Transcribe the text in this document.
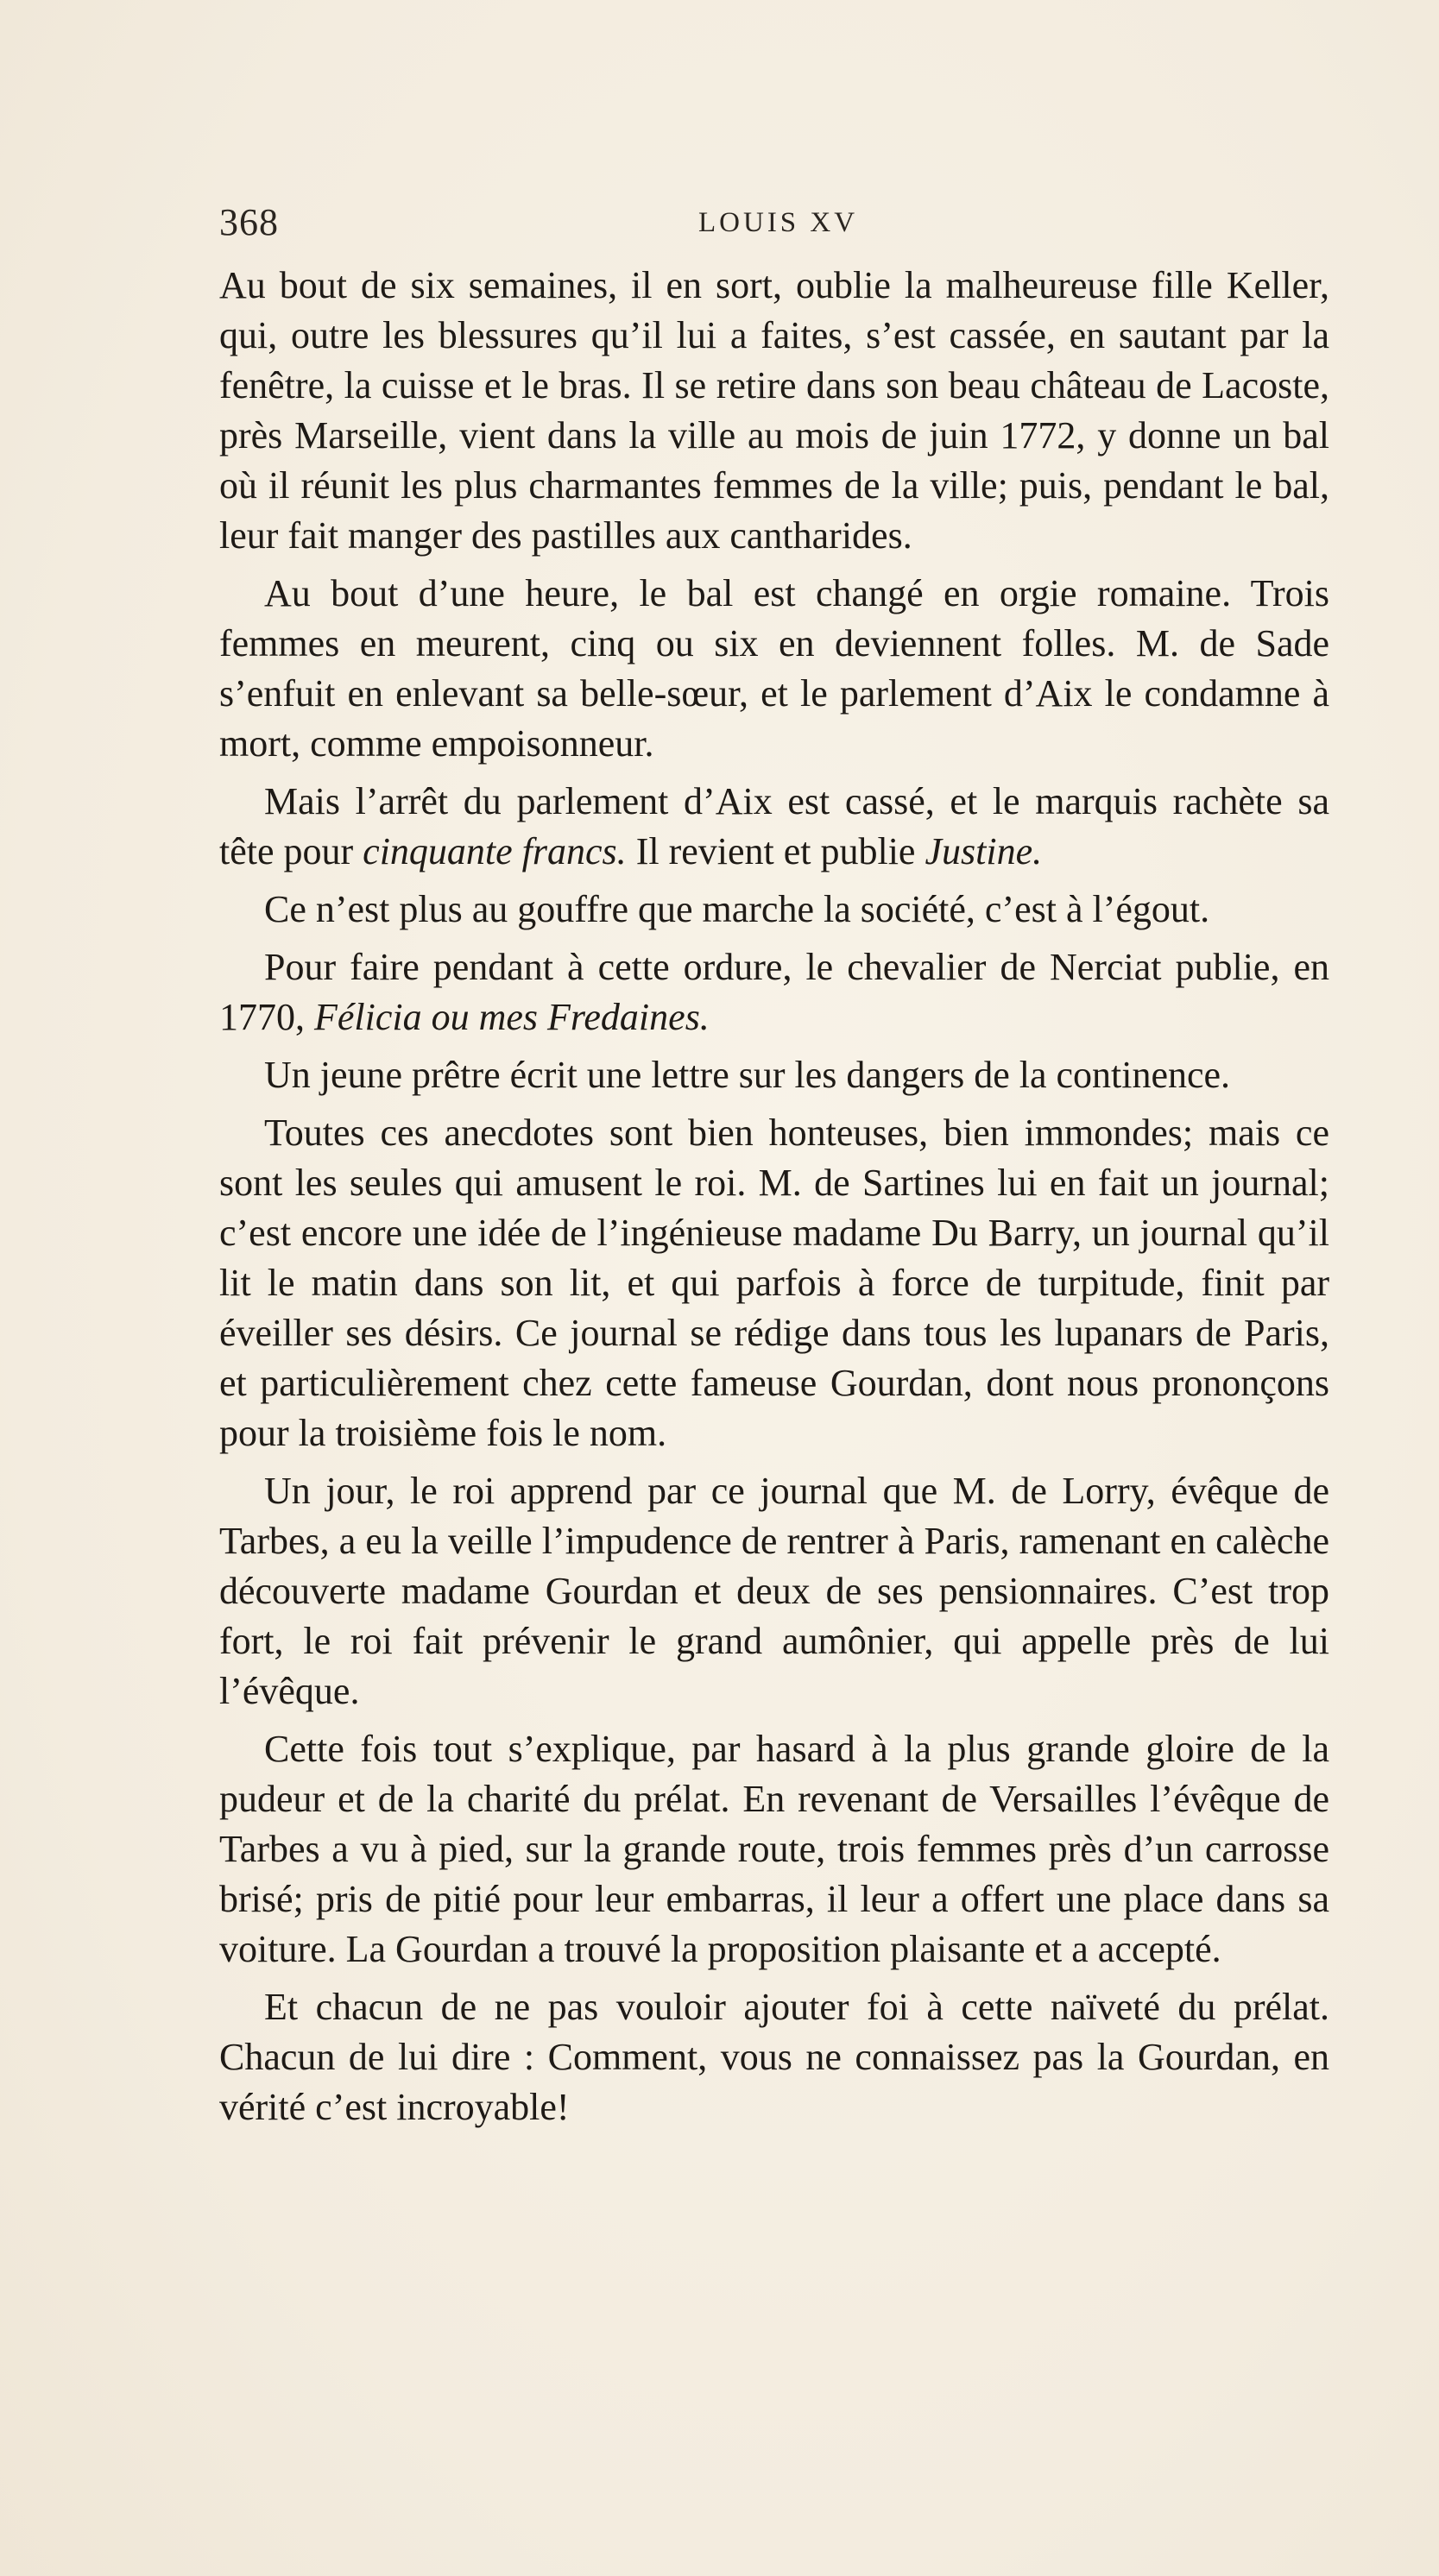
368	LOUIS XV

Au bout de six semaines, il en sort, oublie la malheureuse fille Keller, qui, outre les blessures qu’il lui a faites, s’est cassée, en sautant par la fenêtre, la cuisse et le bras. Il se retire dans son beau château de Lacoste, près Marseille, vient dans la ville au mois de juin 1772, y donne un bal où il réunit les plus charmantes femmes de la ville; puis, pendant le bal, leur fait manger des pastilles aux cantharides.

Au bout d’une heure, le bal est changé en orgie romaine. Trois femmes en meurent, cinq ou six en deviennent folles. M. de Sade s’enfuit en enlevant sa belle-sœur, et le parlement d’Aix le condamne à mort, comme empoisonneur.

Mais l’arrêt du parlement d’Aix est cassé, et le marquis rachète sa tête pour cinquante francs. Il revient et publie Justine.

Ce n’est plus au gouffre que marche la société, c’est à l’égout.

Pour faire pendant à cette ordure, le chevalier de Nerciat publie, en 1770, Félicia ou mes Fredaines.

Un jeune prêtre écrit une lettre sur les dangers de la continence.

Toutes ces anecdotes sont bien honteuses, bien immondes; mais ce sont les seules qui amusent le roi. M. de Sartines lui en fait un journal; c’est encore une idée de l’ingénieuse madame Du Barry, un journal qu’il lit le matin dans son lit, et qui parfois à force de turpitude, finit par éveiller ses désirs. Ce journal se rédige dans tous les lupanars de Paris, et particulièrement chez cette fameuse Gourdan, dont nous prononçons pour la troisième fois le nom.

Un jour, le roi apprend par ce journal que M. de Lorry, évêque de Tarbes, a eu la veille l’impudence de rentrer à Paris, ramenant en calèche découverte madame Gourdan et deux de ses pensionnaires. C’est trop fort, le roi fait prévenir le grand aumônier, qui appelle près de lui l’évêque.

Cette fois tout s’explique, par hasard à la plus grande gloire de la pudeur et de la charité du prélat. En revenant de Versailles l’évêque de Tarbes a vu à pied, sur la grande route, trois femmes près d’un carrosse brisé; pris de pitié pour leur embarras, il leur a offert une place dans sa voiture. La Gourdan a trouvé la proposition plaisante et a accepté.

Et chacun de ne pas vouloir ajouter foi à cette naïveté du prélat. Chacun de lui dire : Comment, vous ne connaissez pas la Gourdan, en vérité c’est incroyable!
